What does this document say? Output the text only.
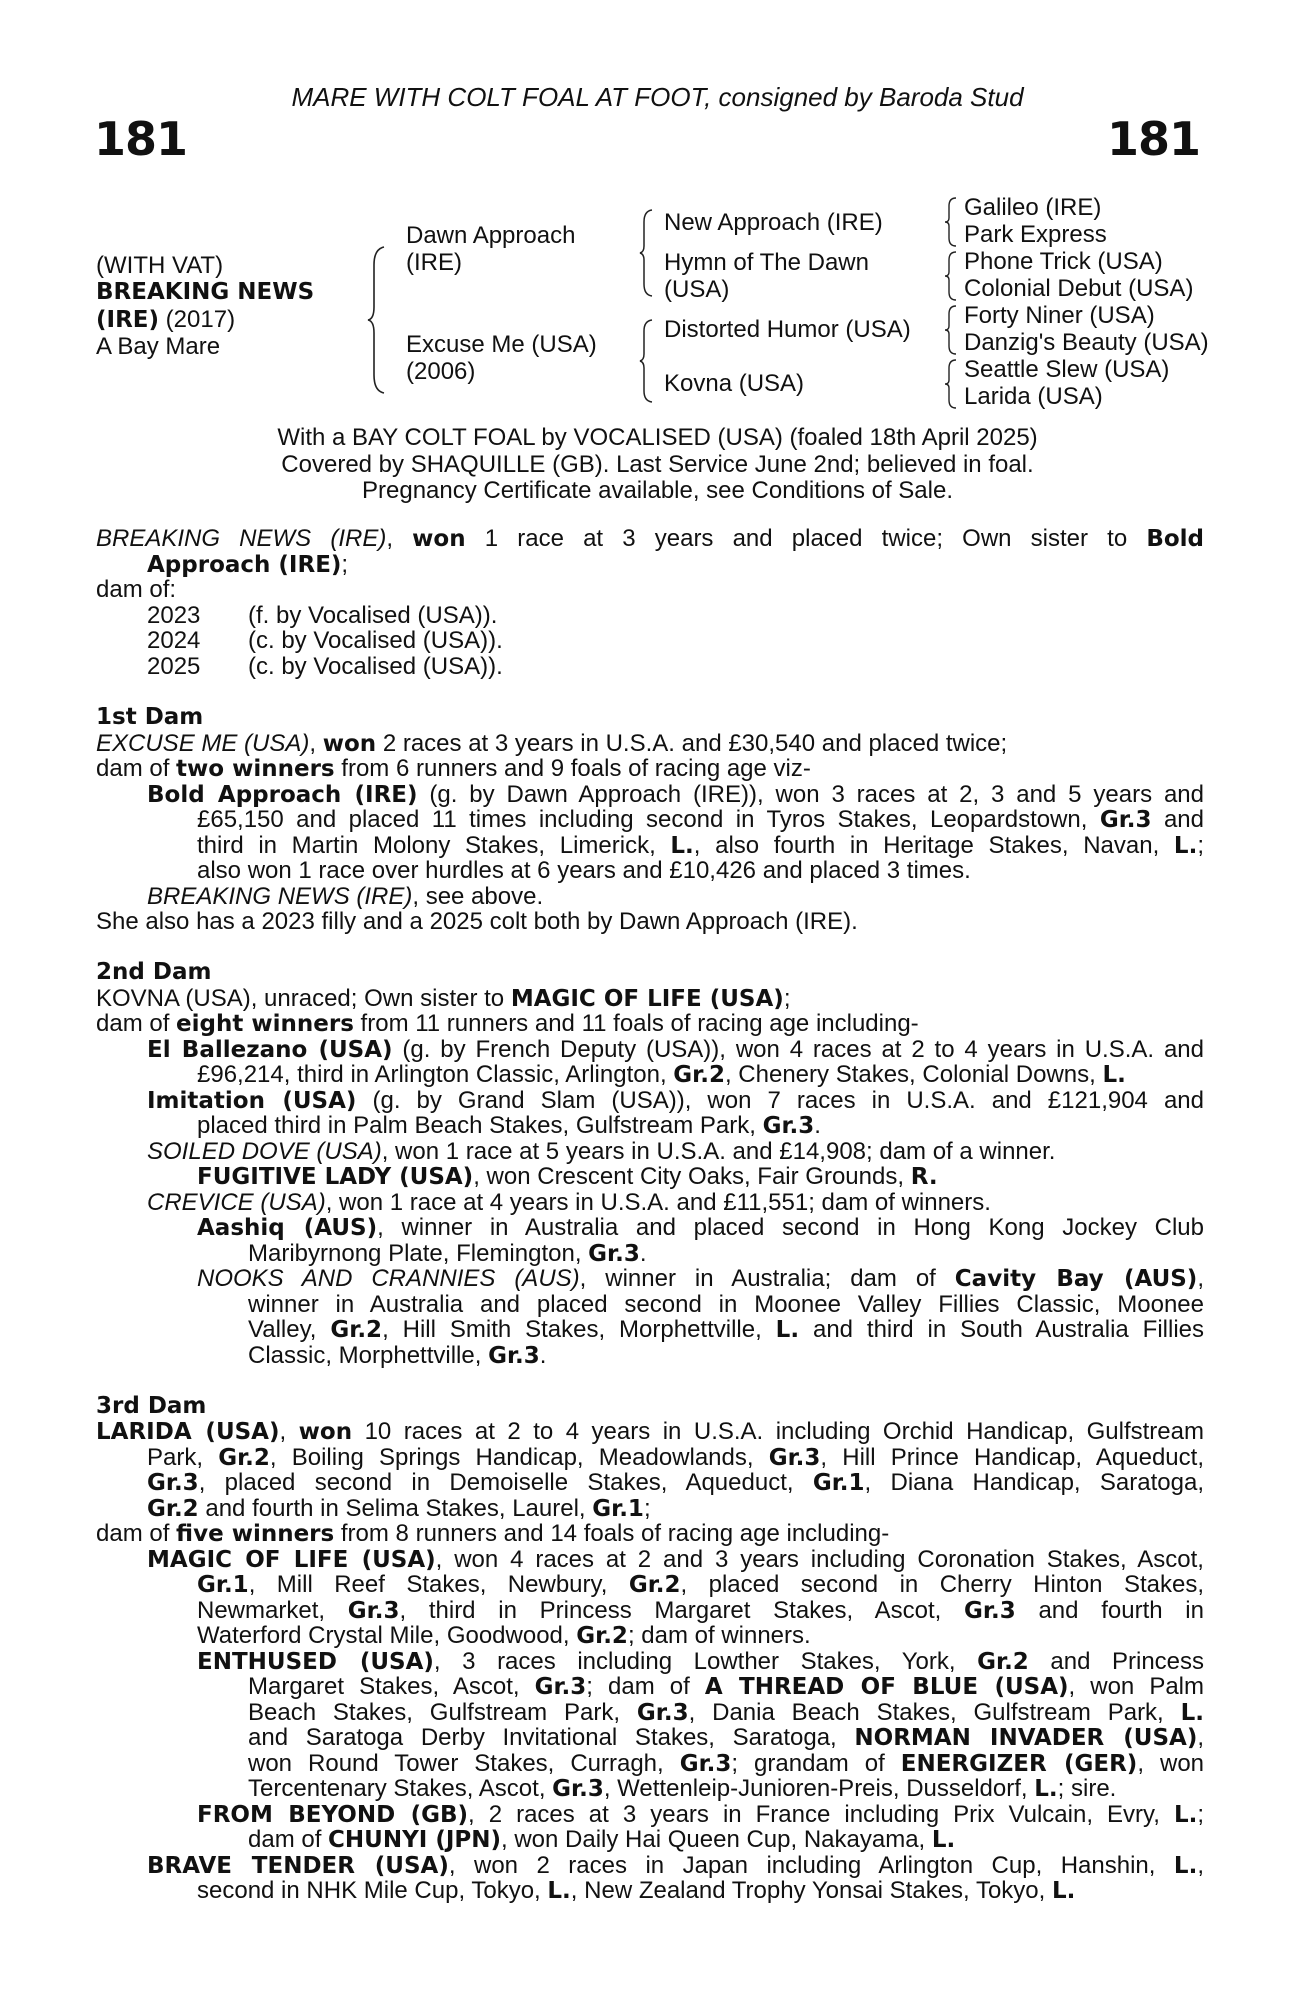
181	181
MARE WITH COLT FOAL AT FOOT, consigned by Baroda Stud
(WITH VAT)
BREAKING NEWS
(IRE) (2017)
A Bay Mare
Dawn Approach
(IRE)
Excuse Me (USA)
(2006)
New Approach (IRE)
Hymn of The Dawn
(USA)
Distorted Humor (USA)
Kovna (USA)
Galileo (IRE)
Park Express
Phone Trick (USA)
Colonial Debut (USA)
Forty Niner (USA)
Danzig's Beauty (USA)
Seattle Slew (USA)
Larida (USA)
With a BAY COLT FOAL by VOCALISED (USA) (foaled 18th April 2025)
Covered by SHAQUILLE (GB). Last Service June 2nd; believed in foal.
Pregnancy Certificate available, see Conditions of Sale.
BREAKING NEWS (IRE), won 1 race at 3 years and placed twice; Own sister to Bold
Approach (IRE);
dam of:
2023 (f. by Vocalised (USA)).
2024 (c. by Vocalised (USA)).
2025 (c. by Vocalised (USA)).
1st Dam
EXCUSE ME (USA), won 2 races at 3 years in U.S.A. and £30,540 and placed twice;
dam of two winners from 6 runners and 9 foals of racing age viz-
Bold Approach (IRE) (g. by Dawn Approach (IRE)), won 3 races at 2, 3 and 5 years and
£65,150 and placed 11 times including second in Tyros Stakes, Leopardstown, Gr.3 and
third in Martin Molony Stakes, Limerick, L., also fourth in Heritage Stakes, Navan, L.;
also won 1 race over hurdles at 6 years and £10,426 and placed 3 times.
BREAKING NEWS (IRE), see above.
She also has a 2023 filly and a 2025 colt both by Dawn Approach (IRE).
2nd Dam
KOVNA (USA), unraced; Own sister to MAGIC OF LIFE (USA);
dam of eight winners from 11 runners and 11 foals of racing age including-
El Ballezano (USA) (g. by French Deputy (USA)), won 4 races at 2 to 4 years in U.S.A. and
£96,214, third in Arlington Classic, Arlington, Gr.2, Chenery Stakes, Colonial Downs, L.
Imitation (USA) (g. by Grand Slam (USA)), won 7 races in U.S.A. and £121,904 and
placed third in Palm Beach Stakes, Gulfstream Park, Gr.3.
SOILED DOVE (USA), won 1 race at 5 years in U.S.A. and £14,908; dam of a winner.
FUGITIVE LADY (USA), won Crescent City Oaks, Fair Grounds, R.
CREVICE (USA), won 1 race at 4 years in U.S.A. and £11,551; dam of winners.
Aashiq (AUS), winner in Australia and placed second in Hong Kong Jockey Club
Maribyrnong Plate, Flemington, Gr.3.
NOOKS AND CRANNIES (AUS), winner in Australia; dam of Cavity Bay (AUS),
winner in Australia and placed second in Moonee Valley Fillies Classic, Moonee
Valley, Gr.2, Hill Smith Stakes, Morphettville, L. and third in South Australia Fillies
Classic, Morphettville, Gr.3.
3rd Dam
LARIDA (USA), won 10 races at 2 to 4 years in U.S.A. including Orchid Handicap, Gulfstream
Park, Gr.2, Boiling Springs Handicap, Meadowlands, Gr.3, Hill Prince Handicap, Aqueduct,
Gr.3, placed second in Demoiselle Stakes, Aqueduct, Gr.1, Diana Handicap, Saratoga,
Gr.2 and fourth in Selima Stakes, Laurel, Gr.1;
dam of five winners from 8 runners and 14 foals of racing age including-
MAGIC OF LIFE (USA), won 4 races at 2 and 3 years including Coronation Stakes, Ascot,
Gr.1, Mill Reef Stakes, Newbury, Gr.2, placed second in Cherry Hinton Stakes,
Newmarket, Gr.3, third in Princess Margaret Stakes, Ascot, Gr.3 and fourth in
Waterford Crystal Mile, Goodwood, Gr.2; dam of winners.
ENTHUSED (USA), 3 races including Lowther Stakes, York, Gr.2 and Princess
Margaret Stakes, Ascot, Gr.3; dam of A THREAD OF BLUE (USA), won Palm
Beach Stakes, Gulfstream Park, Gr.3, Dania Beach Stakes, Gulfstream Park, L.
and Saratoga Derby Invitational Stakes, Saratoga, NORMAN INVADER (USA),
won Round Tower Stakes, Curragh, Gr.3; grandam of ENERGIZER (GER), won
Tercentenary Stakes, Ascot, Gr.3, Wettenleip-Junioren-Preis, Dusseldorf, L.; sire.
FROM BEYOND (GB), 2 races at 3 years in France including Prix Vulcain, Evry, L.;
dam of CHUNYI (JPN), won Daily Hai Queen Cup, Nakayama, L.
BRAVE TENDER (USA), won 2 races in Japan including Arlington Cup, Hanshin, L.,
second in NHK Mile Cup, Tokyo, L., New Zealand Trophy Yonsai Stakes, Tokyo, L.
